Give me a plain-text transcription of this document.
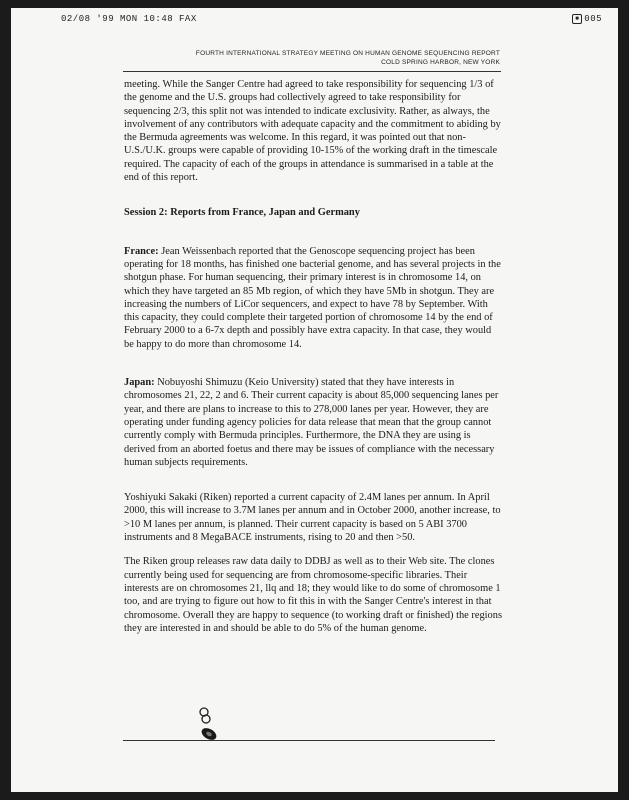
02/08 '99 MON 10:48 FAX	■ 005
FOURTH INTERNATIONAL STRATEGY MEETING ON HUMAN GENOME SEQUENCING REPORT
COLD SPRING HARBOR, NEW YORK

meeting. While the Sanger Centre had agreed to take responsibility for sequencing 1/3 of the genome and the U.S. groups had collectively agreed to take responsibility for sequencing 2/3, this split not was intended to indicate exclusivity. Rather, as always, the involvement of any contributors with adequate capacity and the commitment to abiding by the Bermuda agreements was welcome. In this regard, it was pointed out that non-U.S./U.K. groups were capable of providing 10-15% of the working draft in the timescale required. The capacity of each of the groups in attendance is summarised in a table at the end of this report.

Session 2: Reports from France, Japan and Germany

France: Jean Weissenbach reported that the Genoscope sequencing project has been operating for 18 months, has finished one bacterial genome, and has several projects in the shotgun phase. For human sequencing, their primary interest is in chromosome 14, on which they have targeted an 85 Mb region, of which they have 5Mb in shotgun. They are increasing the numbers of LiCor sequencers, and expect to have 78 by September. With this capacity, they could complete their targeted portion of chromosome 14 by the end of February 2000 to a 6-7x depth and possibly have extra capacity. In that case, they would be happy to do more than chromosome 14.

Japan: Nobuyoshi Shimuzu (Keio University) stated that they have interests in chromosomes 21, 22, 2 and 6. Their current capacity is about 85,000 sequencing lanes per year, and there are plans to increase to this to 278,000 lanes per year. However, they are operating under funding agency policies for data release that mean that the group cannot currently comply with Bermuda principles. Furthermore, the DNA they are using is derived from an aborted foetus and there may be issues of compliance with the necessary human subjects requirements.

Yoshiyuki Sakaki (Riken) reported a current capacity of 2.4M lanes per annum. In April 2000, this will increase to 3.7M lanes per annum and in October 2000, another increase, to >10 M lanes per annum, is planned. Their current capacity is based on 5 ABI 3700 instruments and 8 MegaBACE instruments, rising to 20 and then >50.

The Riken group releases raw data daily to DDBJ as well as to their Web site. The clones currently being used for sequencing are from chromosome-specific libraries. Their interests are on chromosomes 21, llq and 18; they would like to do some of chromosome 1 too, and are trying to figure out how to fit this in with the Sanger Centre's interest in that chromosome. Overall they are happy to sequence (to working draft or finished) the regions they are interested in and should be able to do 5% of the human genome.
